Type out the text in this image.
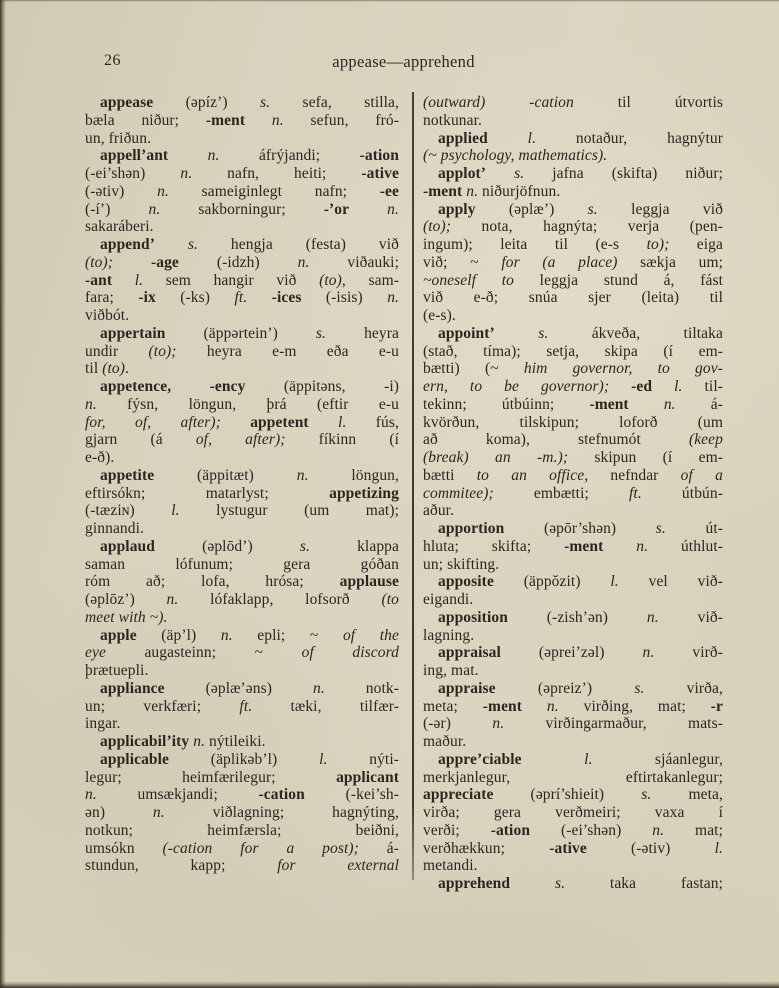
26	appease—apprehend
appease (əpíz’) s. sefa, stilla,
bæla niður; -ment n. sefun, fró-
un, friðun.
appell’ant	n. áfrýjandi; -ation
(-ei’shən) n. nafn, heiti; -ative
(-ətiv) n. sameiginlegt nafn; -ee
(-í’) n. sakborningur; -’or n.
sakaráberi.
append’ s. hengja (festa) við
(to); -age (-idzh) n. viðauki;
-ant l. sem hangir við (to), sam-
fara; -ix (-ks) ft. -ices (-isis) n.
viðbót.
appertain (äppərtein’) s. heyra
undir (to); heyra e-m eða e-u
til (to).
appetence, -ency (äppitəns, -i)
n. fýsn, löngun, þrá (eftir e-u
for, of, after); appetent l. fús,
gjarn (á of, after); fíkinn (í
e-ð).
appetite (äppitæt) n. löngun,
eftirsókn; matarlyst; appetizing
(-tæziɴ) l. lystugur (um mat);
ginnandi.
applaud (əplōd’) s. klappa
saman lófunum; gera góðan
róm að; lofa, hrósa; applause
(əplōz’) n. lófaklapp, lofsorð (to
meet with ~).
apple (äp’l) n. epli; ~ of the
eye augasteinn; ~ of discord
þrætuepli.
appliance (əplæ’əns) n. notk-
un; verkfæri; ft. tæki, tilfær-
ingar.
applicabil’ity n. nýtileiki.
applicable (äplikəb’l) l. nýti-
legur; heimfærilegur; applicant
n. umsækjandi; -cation (-kei’sh-
ən) n. viðlagning; hagnýting,
notkun; heimfærsla; beiðni,
umsókn (-cation for a post); á-
stundun, kapp; for external
(outward) -cation til útvortis
notkunar.
applied	l. notaður, hagnýtur
(~ psychology, mathematics).
applot’ s. jafna (skifta) niður;
-ment n. niðurjöfnun.
apply (əplæ’) s. leggja við
(to); nota, hagnýta; verja (pen-
ingum); leita til (e-s to); eiga
við; ~ for (a place) sækja um;
~oneself to leggja stund á, fást
við e-ð; snúa sjer (leita) til
(e-s).
appoint’	s. ákveða, tiltaka
(stað, tíma); setja, skipa (í em-
bætti) (~ him governor, to gov-
ern, to be governor); -ed l. til-
tekinn; útbúinn; -ment n. á-
kvörðun, tilskipun; loforð (um
að koma), stefnumót (keep
(break) an -m.); skipun (í em-
bætti to an office, nefndar of a
commitee); embætti; ft. útbún-
aður.
apportion (əpōr’shən) s. út-
hluta; skifta; -ment n. úthlut-
un; skifting.
apposite (äppŏzit) l. vel við-
eigandi.
apposition (-zish’ən) n. við-
lagning.
appraisal (əprei’zəl) n. virð-
ing, mat.
appraise (əpreiz’) s. virða,
meta; -ment n. virðing, mat; -r
(-ər) n. virðingarmaður, mats-
maður.
appre’ciable	l. sjáanlegur,
merkjanlegur, eftirtakanlegur;
appreciate (əprí’shieit) s. meta,
virða; gera verðmeiri; vaxa í
verði; -ation (-ei’shən) n. mat;
verðhækkun; -ative (-ətiv) l.
metandi.
apprehend	s. taka fastan;
